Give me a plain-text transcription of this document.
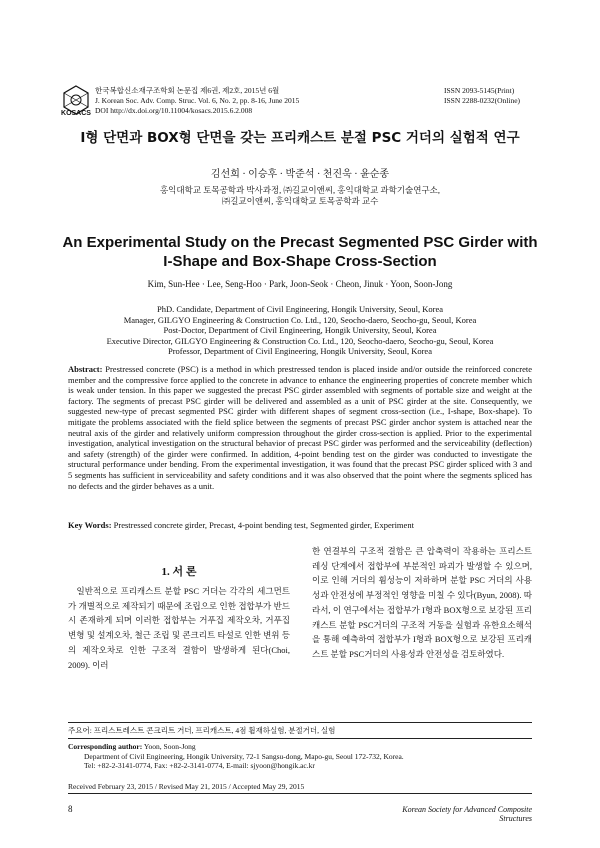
KOSACS
한국복합신소재구조학회 논문집 제6권, 제2호, 2015년 6월
J. Korean Soc. Adv. Comp. Struc. Vol. 6, No. 2, pp. 8-16, June 2015
DOI http://dx.doi.org/10.11004/kosacs.2015.6.2.008
ISSN 2093-5145(Print)
ISSN 2288-0232(Online)
I형 단면과 BOX형 단면을 갖는 프리캐스트 분절 PSC 거더의 실험적 연구
김선희 · 이승후 · 박준석 · 천진욱 · 윤순종
홍익대학교 토목공학과 박사과정, ㈜길교이앤씨, 홍익대학교 과학기술연구소,
㈜길교이앤씨, 홍익대학교 토목공학과 교수
An Experimental Study on the Precast Segmented PSC Girder with
I-Shape and Box-Shape Cross-Section
Kim, Sun-Hee · Lee, Seng-Hoo · Park, Joon-Seok · Cheon, Jinuk · Yoon, Soon-Jong
PhD. Candidate, Department of Civil Engineering, Hongik University, Seoul, Korea
Manager, GILGYO Engineering & Construction Co. Ltd., 120, Seocho-daero, Seocho-gu, Seoul, Korea
Post-Doctor, Department of Civil Engineering, Hongik University, Seoul, Korea
Executive Director, GILGYO Engineering & Construction Co. Ltd., 120, Seocho-daero, Seocho-gu, Seoul, Korea
Professor, Department of Civil Engineering, Hongik University, Seoul, Korea
Abstract: Prestressed concrete (PSC) is a method in which prestressed tendon is placed inside and/or outside the reinforced concrete member and the compressive force applied to the concrete in advance to enhance the engineering properties of concrete member which is weak under tension. In this paper we suggested the precast PSC girder assembled with segments of portable size and weight at the factory. The segments of precast PSC girder will be delivered and assembled as a unit of PSC girder at the site. Consequently, we suggested new-type of precast segmented PSC girder with different shapes of segment cross-section (i.e., I-shape, Box-shape). To mitigate the problems associated with the field splice between the segments of precast PSC girder anchor system is attached near the neutral axis of the girder and relatively uniform compression throughout the girder cross-section is applied. Prior to the experimental investigation, analytical investigation on the structural behavior of precast PSC girder was performed and the serviceability (deflection) and safety (strength) of the girder were confirmed. In addition, 4-point bending test on the girder was conducted to investigate the structural performance under bending. From the experimental investigation, it was found that the precast PSC girder spliced with 3 and 5 segments has sufficient in serviceability and safety conditions and it was also observed that the point where the segments spliced has no defects and the girder behaves as a unit.
Key Words: Prestressed concrete girder, Precast, 4-point bending test, Segmented girder, Experiment
1. 서 론
일반적으로 프리캐스트 분할 PSC 거더는 각각의 세그먼트가 개별적으로 제작되기 때문에 조립으로 인한 접합부가 반드시 존재하게 되며 이러한 접합부는 거푸집 제작오차, 거푸집 변형 및 설계오차, 철근 조립 및 콘크리트 타설로 인한 변위 등의 제작오차로 인한 구조적 결함이 발생하게 된다(Choi, 2009). 이러
한 연결부의 구조적 결함은 큰 압축력이 작용하는 프리스트레싱 단계에서 접합부에 부분적인 파괴가 발생할 수 있으며, 이로 인해 거더의 휨성능이 저하하며 분할 PSC 거더의 사용성과 안전성에 부정적인 영향을 미칠 수 있다(Byun, 2008). 따라서, 이 연구에서는 접합부가 I형과 BOX형으로 보강된 프리캐스트 분할 PSC거더의 구조적 거동을 실험과 유한요소해석을 통해 예측하여 접합부가 I형과 BOX형으로 보강된 프리캐스트 분할 PSC거더의 사용성과 안전성을 검토하였다.
주요어: 프리스트레스트 콘크리트 거더, 프리캐스트, 4점 휨재하실험, 분절거더, 실험
Corresponding author: Yoon, Soon-Jong
Department of Civil Engineering, Hongik University, 72-1 Sangsu-dong, Mapo-gu, Seoul 172-732, Korea.
Tel: +82-2-3141-0774, Fax: +82-2-3141-0774, E-mail: sjyoon@hongik.ac.kr
Received February 23, 2015 / Revised May 21, 2015 / Accepted May 29, 2015
8	Korean Society for Advanced Composite Structures
